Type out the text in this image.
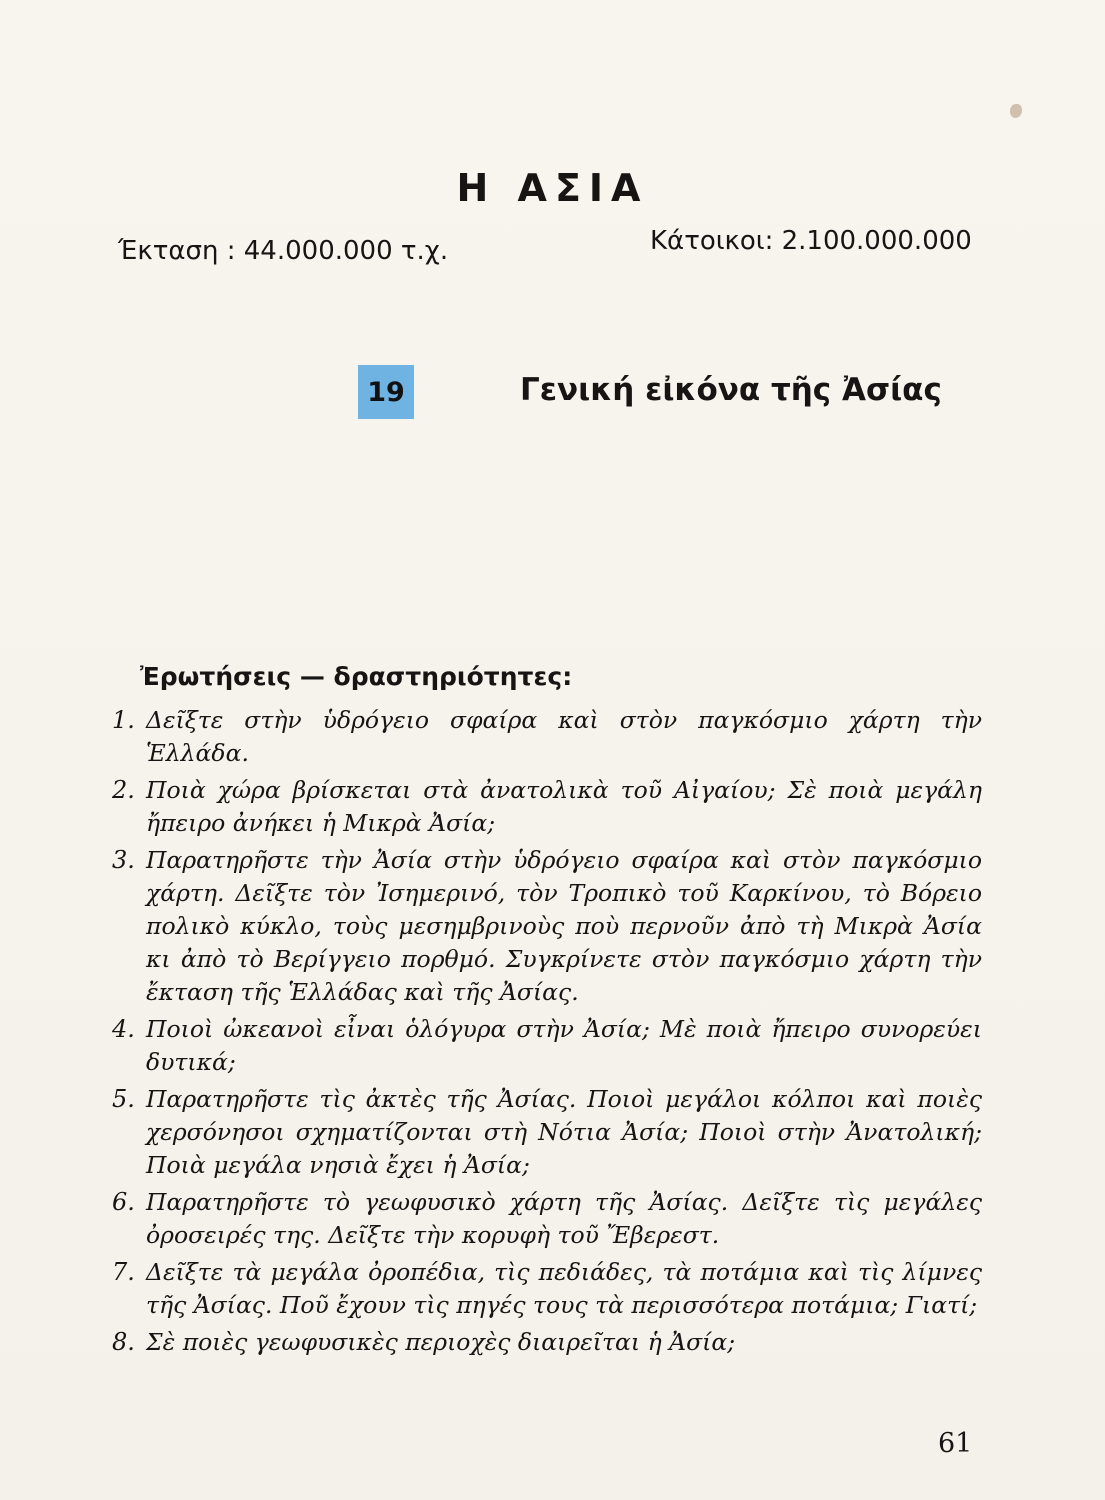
Η ΑΣΙΑ
Έκταση : 44.000.000 τ.χ.	Κάτοικοι: 2.100.000.000
19	Γενική εἰκόνα τῆς Ἀσίας
Ἐρωτήσεις — δραστηριότητες:
1. Δεῖξτε στὴν ὑδρόγειο σφαίρα καὶ στὸν παγκόσμιο χάρτη τὴν Ἑλλάδα.
2. Ποιὰ χώρα βρίσκεται στὰ ἀνατολικὰ τοῦ Αἰγαίου; Σὲ ποιὰ μεγάλη ἤπειρο ἀνήκει ἡ Μικρὰ Ἀσία;
3. Παρατηρῆστε τὴν Ἀσία στὴν ὑδρόγειο σφαίρα καὶ στὸν παγκόσμιο χάρτη. Δεῖξτε τὸν Ἰσημερινό, τὸν Τροπικὸ τοῦ Καρκίνου, τὸ Βόρειο πολικὸ κύκλο, τοὺς μεσημβρινοὺς ποὺ περνοῦν ἀπὸ τὴ Μικρὰ Ἀσία κι ἀπὸ τὸ Βερίγγειο πορθμό. Συγκρίνετε στὸν παγκόσμιο χάρτη τὴν ἔκταση τῆς Ἑλλάδας καὶ τῆς Ἀσίας.
4. Ποιοὶ ὠκεανοὶ εἶναι ὁλόγυρα στὴν Ἀσία; Μὲ ποιὰ ἤπειρο συνορεύει δυτικά;
5. Παρατηρῆστε τὶς ἀκτὲς τῆς Ἀσίας. Ποιοὶ μεγάλοι κόλποι καὶ ποιὲς χερσόνησοι σχηματίζονται στὴ Νότια Ἀσία; Ποιοὶ στὴν Ἀνατολική; Ποιὰ μεγάλα νησιὰ ἔχει ἡ Ἀσία;
6. Παρατηρῆστε τὸ γεωφυσικὸ χάρτη τῆς Ἀσίας. Δεῖξτε τὶς μεγάλες ὀροσειρές της. Δεῖξτε τὴν κορυφὴ τοῦ Ἔβερεστ.
7. Δεῖξτε τὰ μεγάλα ὀροπέδια, τὶς πεδιάδες, τὰ ποτάμια καὶ τὶς λίμνες τῆς Ἀσίας. Ποῦ ἔχουν τὶς πηγές τους τὰ περισσότερα ποτάμια; Γιατί;
8. Σὲ ποιὲς γεωφυσικὲς περιοχὲς διαιρεῖται ἡ Ἀσία;
61
